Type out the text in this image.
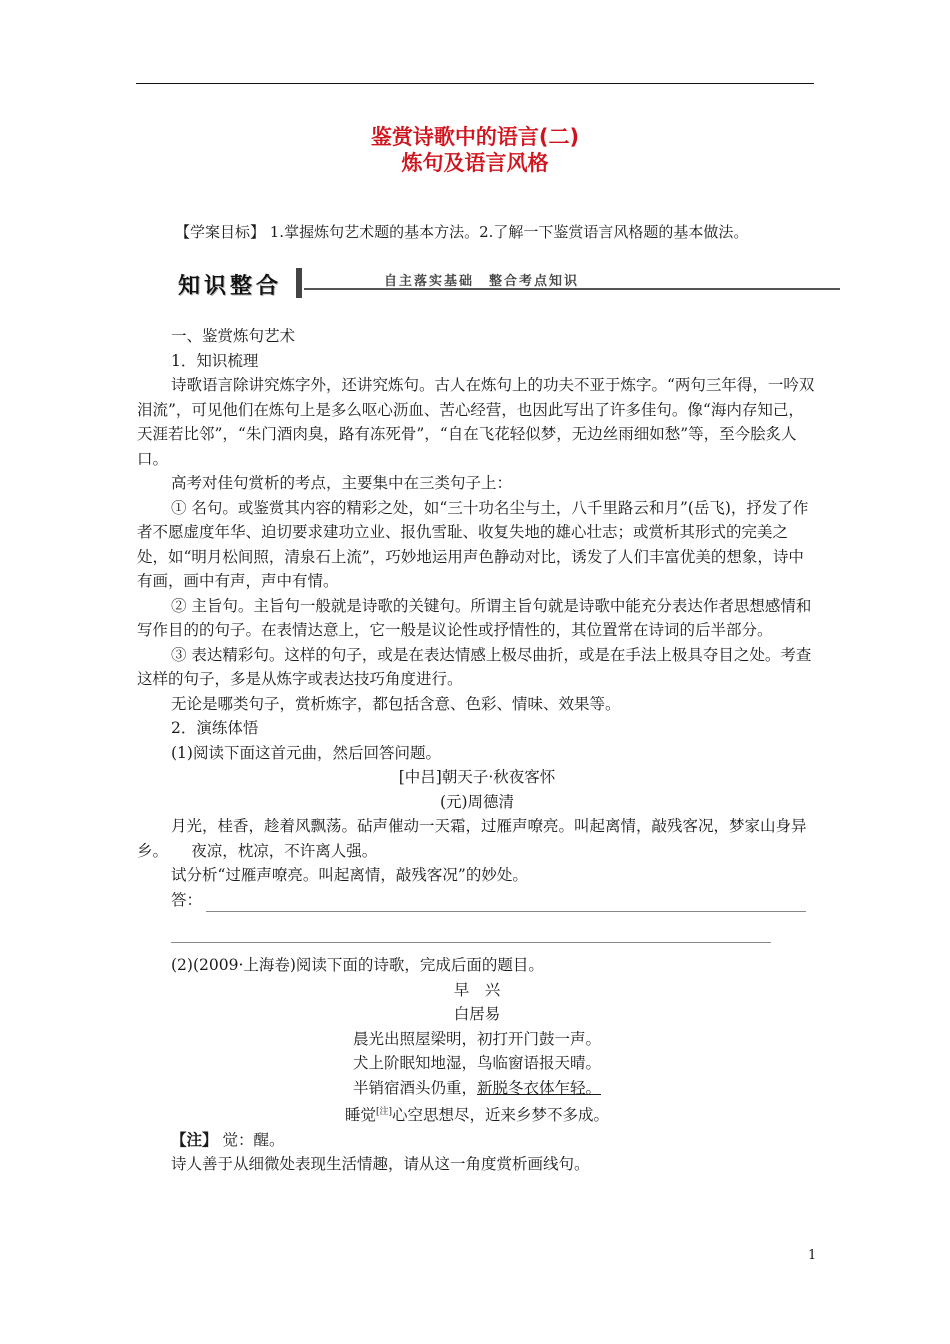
鉴赏诗歌中的语言(二)
炼句及语言风格
【学案目标】 1.掌握炼句艺术题的基本方法。2.了解一下鉴赏语言风格题的基本做法。
知识整合	自主落实基础　整合考点知识

一、鉴赏炼句艺术

1．知识梳理

诗歌语言除讲究炼字外，还讲究炼句。古人在炼句上的功夫不亚于炼字。“两句三年得，一吟双泪流”，可见他们在炼句上是多么呕心沥血、苦心经营，也因此写出了许多佳句。像“海内存知己，天涯若比邻”，“朱门酒肉臭，路有冻死骨”，“自在飞花轻似梦，无边丝雨细如愁”等，至今脍炙人口。

高考对佳句赏析的考点，主要集中在三类句子上：

① 名句。或鉴赏其内容的精彩之处，如“三十功名尘与土，八千里路云和月”(岳飞)，抒发了作者不愿虚度年华、迫切要求建功立业、报仇雪耻、收复失地的雄心壮志；或赏析其形式的完美之处，如“明月松间照，清泉石上流”，巧妙地运用声色静动对比，诱发了人们丰富优美的想象，诗中有画，画中有声，声中有情。

② 主旨句。主旨句一般就是诗歌的关键句。所谓主旨句就是诗歌中能充分表达作者思想感情和写作目的的句子。在表情达意上，它一般是议论性或抒情性的，其位置常在诗词的后半部分。

③ 表达精彩句。这样的句子，或是在表达情感上极尽曲折，或是在手法上极具夺目之处。考查这样的句子，多是从炼字或表达技巧角度进行。

无论是哪类句子，赏析炼字，都包括含意、色彩、情味、效果等。

2．演练体悟

(1)阅读下面这首元曲，然后回答问题。

[中吕]朝天子·秋夜客怀

(元)周德清

月光，桂香，趁着风飘荡。砧声催动一天霜，过雁声嘹亮。叫起离情，敲残客况，梦家山身异乡。　　夜凉，枕凉，不许离人强。

试分析“过雁声嘹亮。叫起离情，敲残客况”的妙处。

答：

(2)(2009·上海卷)阅读下面的诗歌，完成后面的题目。

早　兴

白居易

晨光出照屋梁明，初打开门鼓一声。

犬上阶眠知地湿，鸟临窗语报天晴。

半销宿酒头仍重，新脱冬衣体乍轻。

睡觉[注]心空思想尽，近来乡梦不多成。

【注】 觉：醒。

诗人善于从细微处表现生活情趣，请从这一角度赏析画线句。

1
